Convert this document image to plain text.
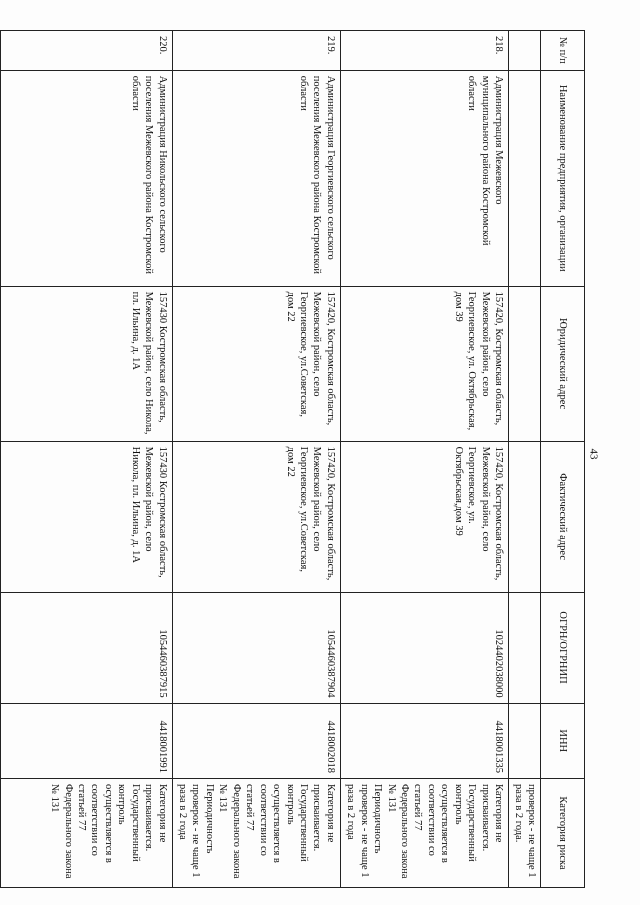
43
№ п/п	Наименование предприятия, организации	Юридический адрес	Фактический адрес	ОГРН/ОГРНИП	ИНН	Категория риска
						проверок - не чаще 1 раза в 2 года.
218.	Администрация Межевского муниципального района Костромской области	157420, Костромская область, Межевской район, село Георгиевское, ул. Октябрьская, дом 39	157420, Костромская область, Межевской район, село Георгиевское, ул. Октябрьская,дом 39	1024402038000	4418001335	Категория не присваивается. Государственный контроль осуществляется в соответствии со статьей 77 Федерального закона № 131 Периодичность проверок - не чаще 1 раза в 2 года
219.	Администрация Георгиевского сельского поселения Межевского района Костромской области	157420, Костромская область, Межевской район, село Георгиевское, ул.Советская, дом 22	157420, Костромская область, Межевской район, село Георгиевское, ул.Советская, дом 22	1054460387904	4418002018	Категория не присваивается. Государственный контроль осуществляется в соответствии со статьей 77 Федерального закона № 131 Периодичность проверок - не чаще 1 раза в 2 года
220.	Администрация Никольского сельского поселения Межевского района Костромской области	157430 Костромская область, Межевской район, село Никола, пл. Ильина, д. 1А	157430 Костромская область, Межевской район, село Никола, пл. Ильина, д. 1А	1054460387915	4418001991	Категория не присваивается. Государственный контроль осуществляется в соответствии со статьей 77 Федерального закона № 131
